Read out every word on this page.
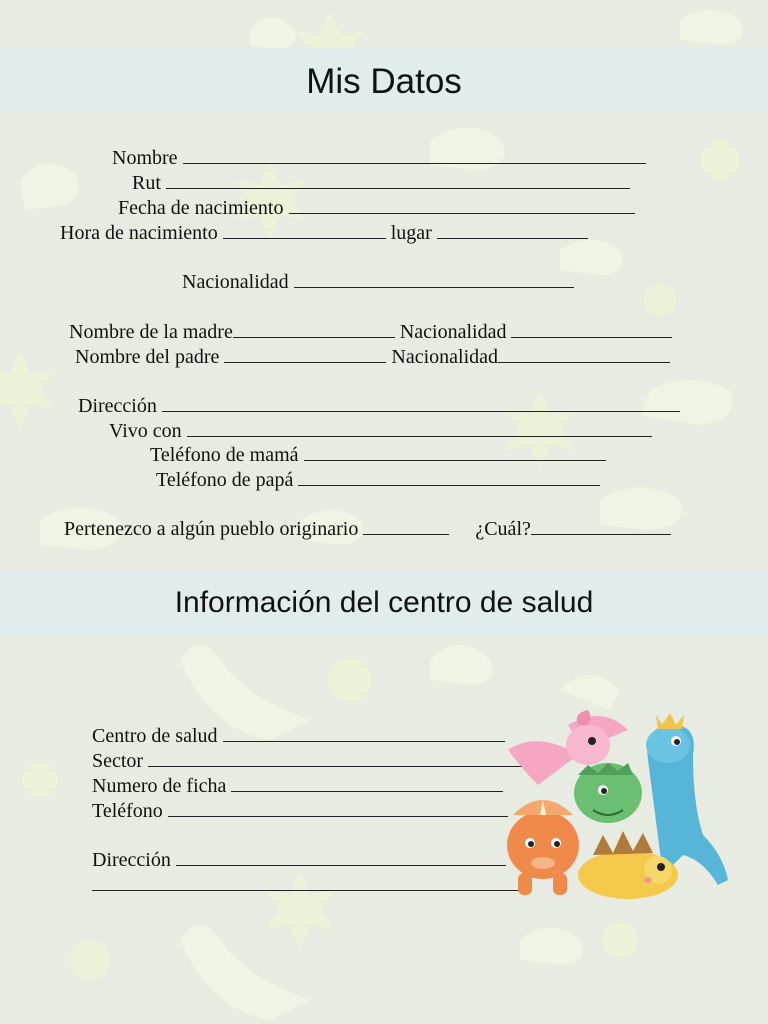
Mis Datos
Nombre
Rut
Fecha de nacimiento
Hora de nacimiento	lugar
Nacionalidad
Nombre de la madre	Nacionalidad
Nombre del padre	Nacionalidad
Dirección
Vivo con
Teléfono de mamá
Teléfono de papá
Pertenezco a algún pueblo originario	¿Cuál?
Información del centro de salud
Centro de salud
Sector
Numero de ficha
Teléfono
Dirección
